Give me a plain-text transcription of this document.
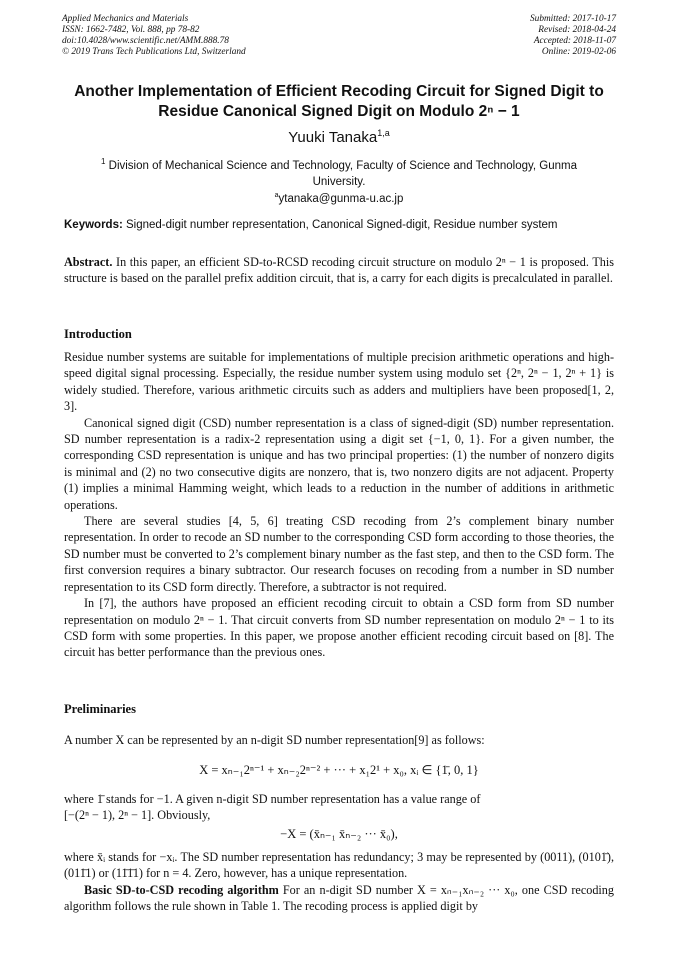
Applied Mechanics and Materials
ISSN: 1662-7482, Vol. 888, pp 78-82
doi:10.4028/www.scientific.net/AMM.888.78
© 2019 Trans Tech Publications Ltd, Switzerland
Submitted: 2017-10-17
Revised: 2018-04-24
Accepted: 2018-11-07
Online: 2019-02-06
Another Implementation of Efficient Recoding Circuit for Signed Digit to
Residue Canonical Signed Digit on Modulo 2ⁿ − 1
Yuuki Tanaka$^{1,a}$
$^1$ Division of Mechanical Science and Technology, Faculty of Science and Technology, Gunma University.
$^a$ytanaka@gunma-u.ac.jp
Keywords: Signed-digit number representation, Canonical Signed-digit, Residue number system

Abstract. In this paper, an efficient SD-to-RCSD recoding circuit structure on modulo 2ⁿ − 1 is proposed. This structure is based on the parallel prefix addition circuit, that is, a carry for each digits is precalculated in parallel.

Introduction

Residue number systems are suitable for implementations of multiple precision arithmetic operations and high-speed digital signal processing. Especially, the residue number system using modulo set {2ⁿ, 2ⁿ − 1, 2ⁿ + 1} is widely studied. Therefore, various arithmetic circuits such as adders and multipliers have been proposed[1, 2, 3].

Canonical signed digit (CSD) number representation is a class of signed-digit (SD) number representation. SD number representation is a radix-2 representation using a digit set {−1, 0, 1}. For a given number, the corresponding CSD representation is unique and has two principal properties: (1) the number of nonzero digits is minimal and (2) no two consecutive digits are nonzero, that is, two nonzero digits are not adjacent. Property (1) implies a minimal Hamming weight, which leads to a reduction in the number of additions in arithmetic operations.

There are several studies [4, 5, 6] treating CSD recoding from 2’s complement binary number representation. In order to recode an SD number to the corresponding CSD form according to those theories, the SD number must be converted to 2’s complement binary number as the fast step, and then to the CSD form. The first conversion requires a binary subtractor. Our research focuses on recoding from a number in SD number representation to its CSD form directly. Therefore, a subtractor is not required.

In [7], the authors have proposed an efficient recoding circuit to obtain a CSD form from SD number representation on modulo 2ⁿ − 1. That circuit converts from SD number representation on modulo 2ⁿ − 1 to its CSD form with some properties. In this paper, we propose another efficient recoding circuit based on [8]. The circuit has better performance than the previous ones.

Preliminaries
A number X can be represented by an n-digit SD number representation[9] as follows:
X = xₙ₋₁2ⁿ⁻¹ + xₙ₋₂2ⁿ⁻² + ··· + x₁2¹ + x₀, xᵢ ∈ {1̄, 0, 1}

where 1̄ stands for −1. A given n-digit SD number representation has a value range of

[−(2ⁿ − 1), 2ⁿ − 1]. Obviously,

−X = (x̄ₙ₋₁ x̄ₙ₋₂ ··· x̄₀),
where x̄ᵢ stands for −xᵢ. The SD number representation has redundancy; 3 may be represented by (0011), (0101̄), (011̄1) or (11̄1̄1) for n = 4. Zero, however, has a unique representation.

Basic SD-to-CSD recoding algorithm For an n-digit SD number X = xₙ₋₁xₙ₋₂ ··· x₀, one CSD recoding algorithm follows the rule shown in Table 1. The recoding process is applied digit by
